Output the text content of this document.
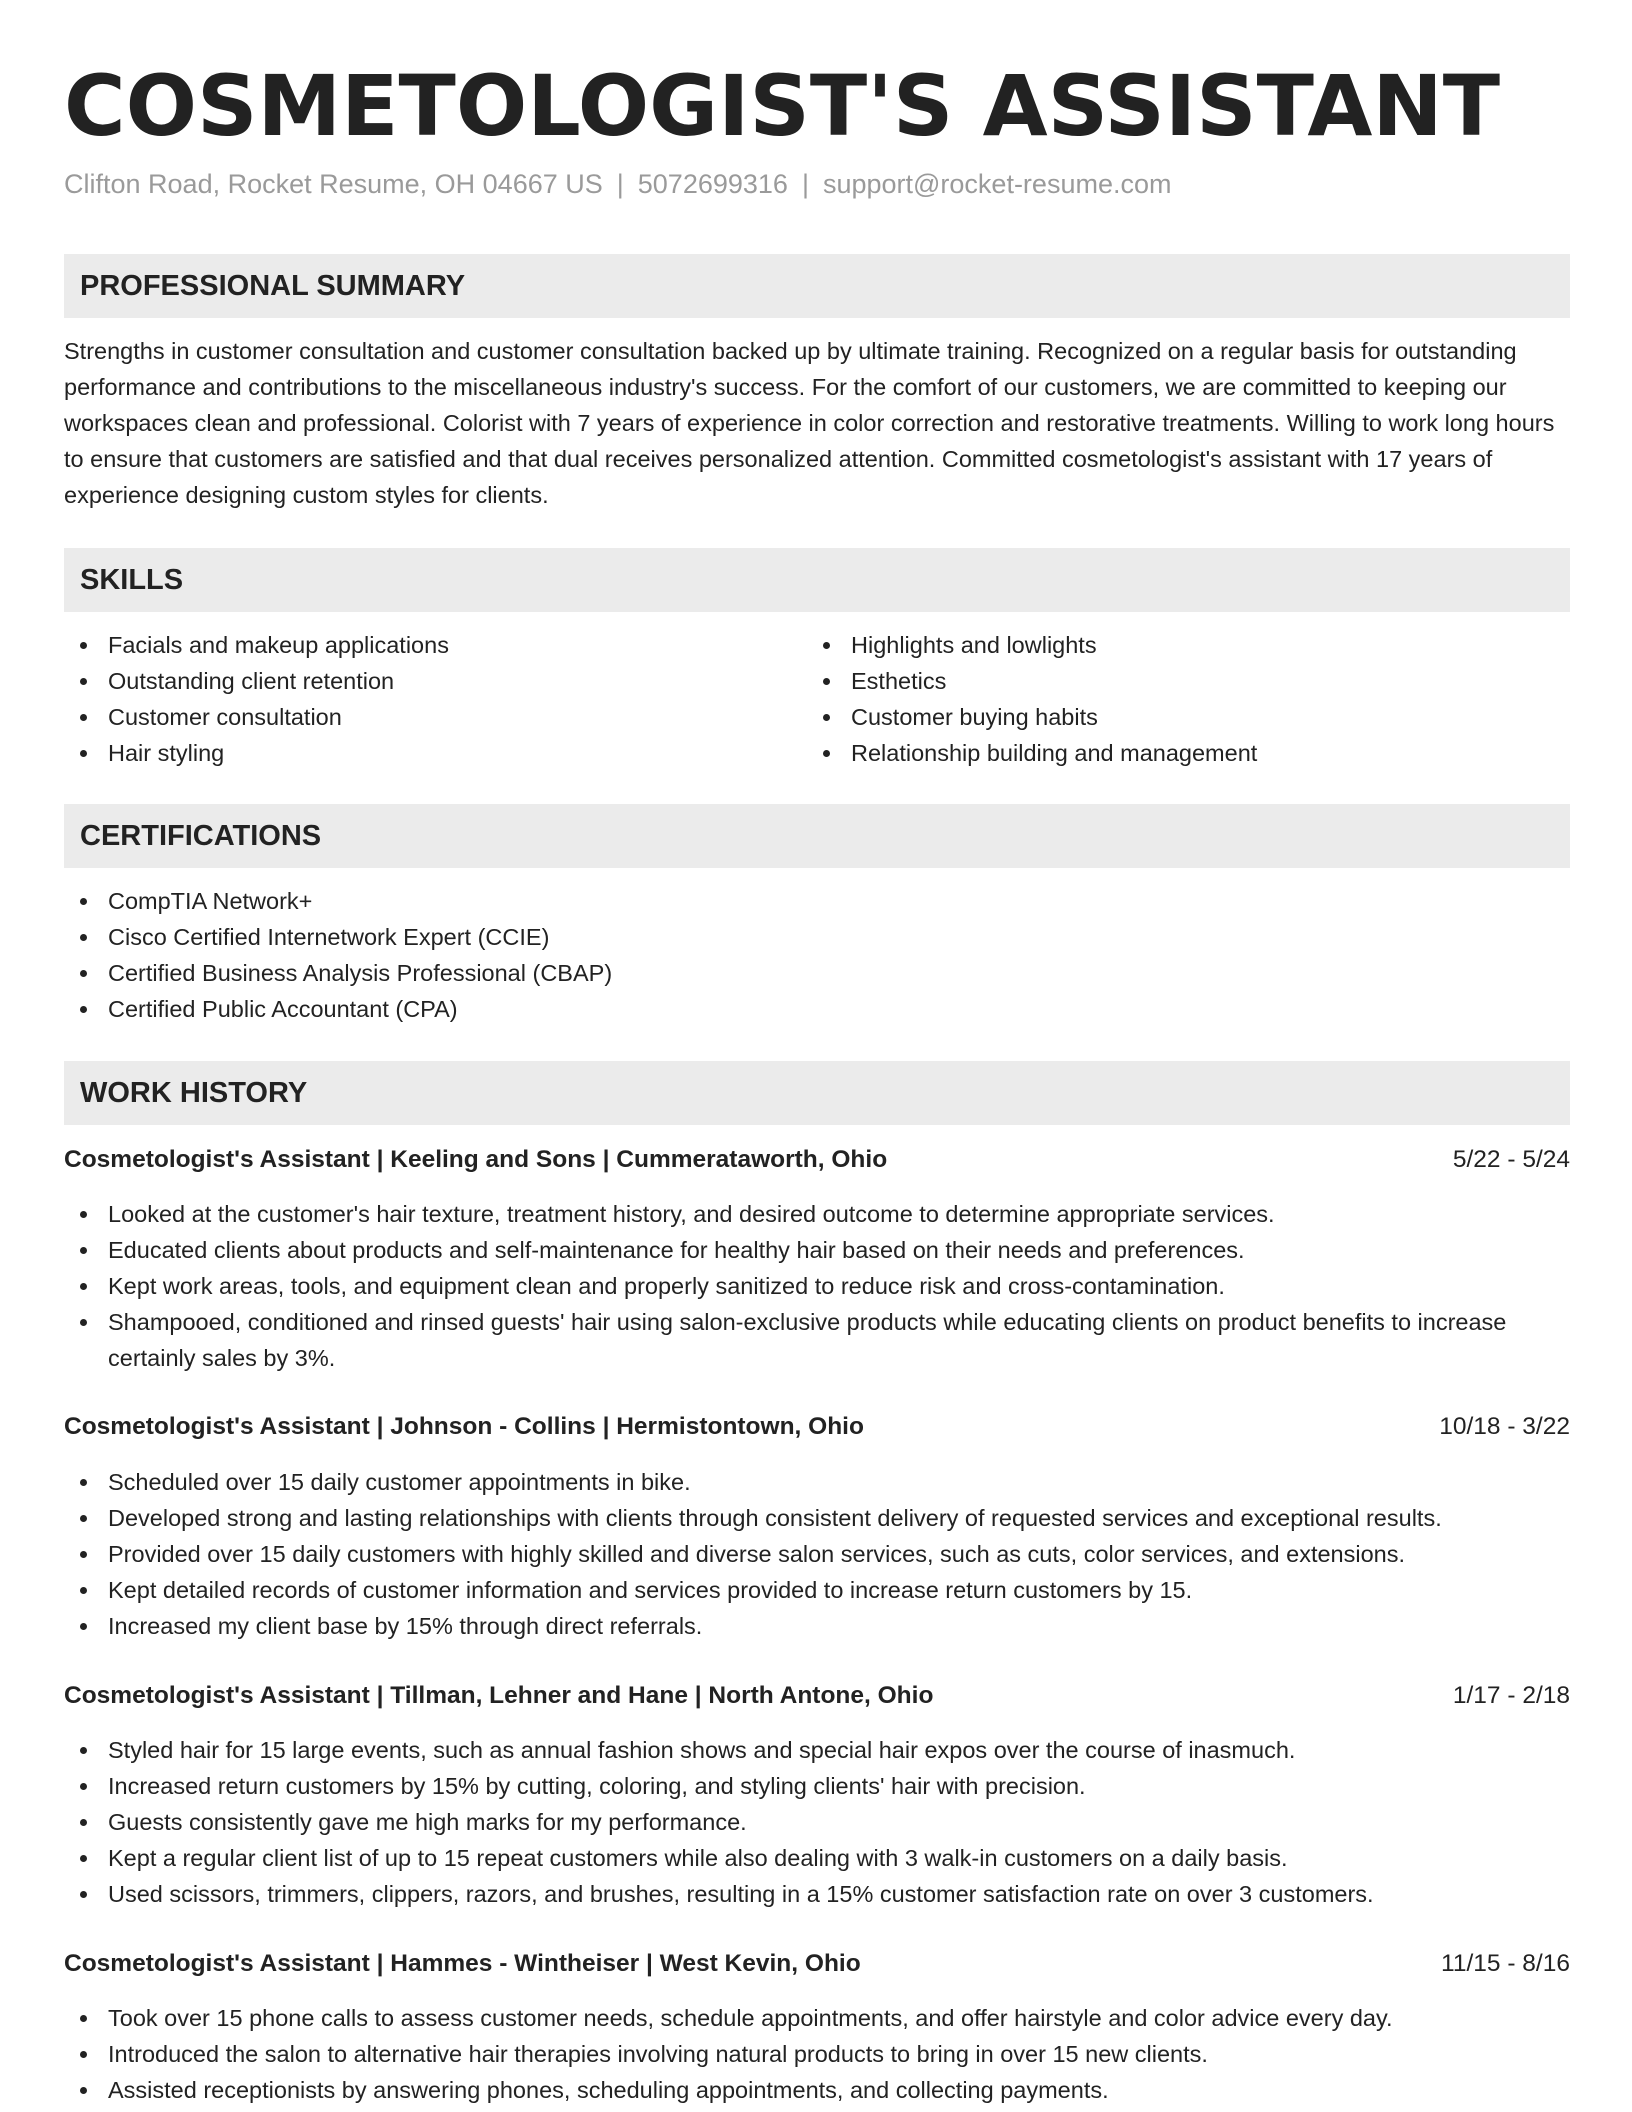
COSMETOLOGIST'S ASSISTANT
Clifton Road, Rocket Resume, OH 04667 US | 5072699316 | support@rocket-resume.com
PROFESSIONAL SUMMARY

Strengths in customer consultation and customer consultation backed up by ultimate training. Recognized on a regular basis for outstanding performance and contributions to the miscellaneous industry's success. For the comfort of our customers, we are committed to keeping our workspaces clean and professional. Colorist with 7 years of experience in color correction and restorative treatments. Willing to work long hours to ensure that customers are satisfied and that dual receives personalized attention. Committed cosmetologist's assistant with 17 years of experience designing custom styles for clients.

SKILLS
Facials and makeup applications
Outstanding client retention
Customer consultation
Hair styling
Highlights and lowlights
Esthetics
Customer buying habits
Relationship building and management
CERTIFICATIONS
CompTIA Network+
Cisco Certified Internetwork Expert (CCIE)
Certified Business Analysis Professional (CBAP)
Certified Public Accountant (CPA)
WORK HISTORY
Cosmetologist's Assistant | Keeling and Sons | Cummerataworth, Ohio	5/22 - 5/24
Looked at the customer's hair texture, treatment history, and desired outcome to determine appropriate services.
Educated clients about products and self-maintenance for healthy hair based on their needs and preferences.
Kept work areas, tools, and equipment clean and properly sanitized to reduce risk and cross-contamination.
Shampooed, conditioned and rinsed guests' hair using salon-exclusive products while educating clients on product benefits to increase certainly sales by 3%.
Cosmetologist's Assistant | Johnson - Collins | Hermistontown, Ohio	10/18 - 3/22
Scheduled over 15 daily customer appointments in bike.
Developed strong and lasting relationships with clients through consistent delivery of requested services and exceptional results.
Provided over 15 daily customers with highly skilled and diverse salon services, such as cuts, color services, and extensions.
Kept detailed records of customer information and services provided to increase return customers by 15.
Increased my client base by 15% through direct referrals.
Cosmetologist's Assistant | Tillman, Lehner and Hane | North Antone, Ohio	1/17 - 2/18
Styled hair for 15 large events, such as annual fashion shows and special hair expos over the course of inasmuch.
Increased return customers by 15% by cutting, coloring, and styling clients' hair with precision.
Guests consistently gave me high marks for my performance.
Kept a regular client list of up to 15 repeat customers while also dealing with 3 walk-in customers on a daily basis.
Used scissors, trimmers, clippers, razors, and brushes, resulting in a 15% customer satisfaction rate on over 3 customers.
Cosmetologist's Assistant | Hammes - Wintheiser | West Kevin, Ohio	11/15 - 8/16
Took over 15 phone calls to assess customer needs, schedule appointments, and offer hairstyle and color advice every day.
Introduced the salon to alternative hair therapies involving natural products to bring in over 15 new clients.
Assisted receptionists by answering phones, scheduling appointments, and collecting payments.
